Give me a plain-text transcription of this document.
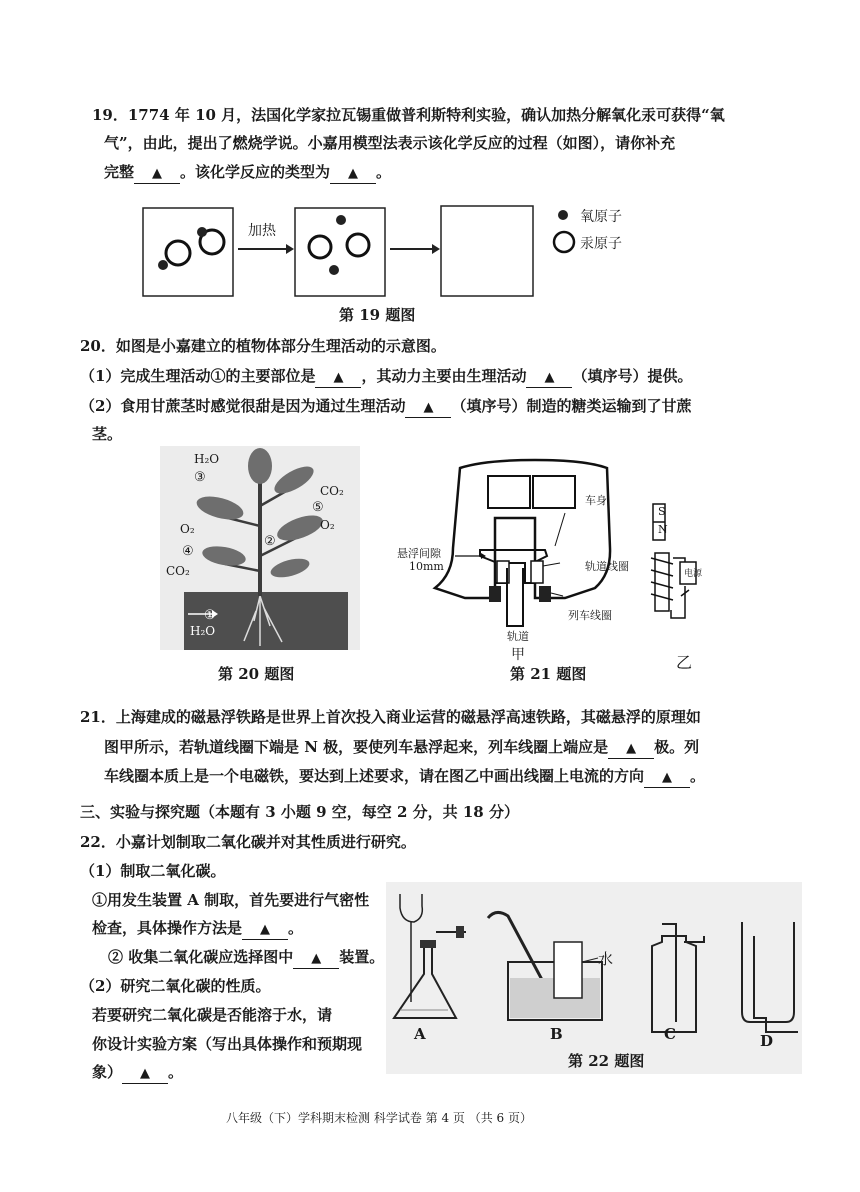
19．1774 年 10 月，法国化学家拉瓦锡重做普利斯特利实验，确认加热分解氧化汞可获得“氧
气”，由此，提出了燃烧学说。小嘉用模型法表示该化学反应的过程（如图），请你补充
完整 ▲ 。该化学反应的类型为 ▲ 。
加热
氧原子
汞原子
第 19 题图
20．如图是小嘉建立的植物体部分生理活动的示意图。
（1）完成生理活动①的主要部位是 ▲ ，其动力主要由生理活动 ▲ （填序号）提供。
（2）食用甘蔗茎时感觉很甜是因为通过生理活动 ▲ （填序号）制造的糖类运输到了甘蔗
茎。
H₂O
③
CO₂
⑤
O₂
②
O₂
④
CO₂
①
H₂O
第 20 题图
车身
悬浮间隙
10mm	轨道线圈
列车线圈
轨道
甲
S
N
电源
乙
第 21 题图
21．上海建成的磁悬浮铁路是世界上首次投入商业运营的磁悬浮高速铁路，其磁悬浮的原理如
图甲所示，若轨道线圈下端是 N 极，要使列车悬浮起来，列车线圈上端应是 ▲ 极。列
车线圈本质上是一个电磁铁，要达到上述要求，请在图乙中画出线圈上电流的方向 ▲ 。
三、实验与探究题（本题有 3 小题 9 空，每空 2 分，共 18 分）
22．小嘉计划制取二氧化碳并对其性质进行研究。
（1）制取二氧化碳。
①用发生装置 A 制取，首先要进行气密性
检查，具体操作方法是 ▲ 。
② 收集二氧化碳应选择图中 ▲ 装置。
（2）研究二氧化碳的性质。
若要研究二氧化碳是否能溶于水，请
你设计实验方案（写出具体操作和预期现
象） ▲ 。
水
A	B	C	D
第 22 题图
八年级（下）学科期末检测 科学试卷 第 4 页 （共 6 页）
